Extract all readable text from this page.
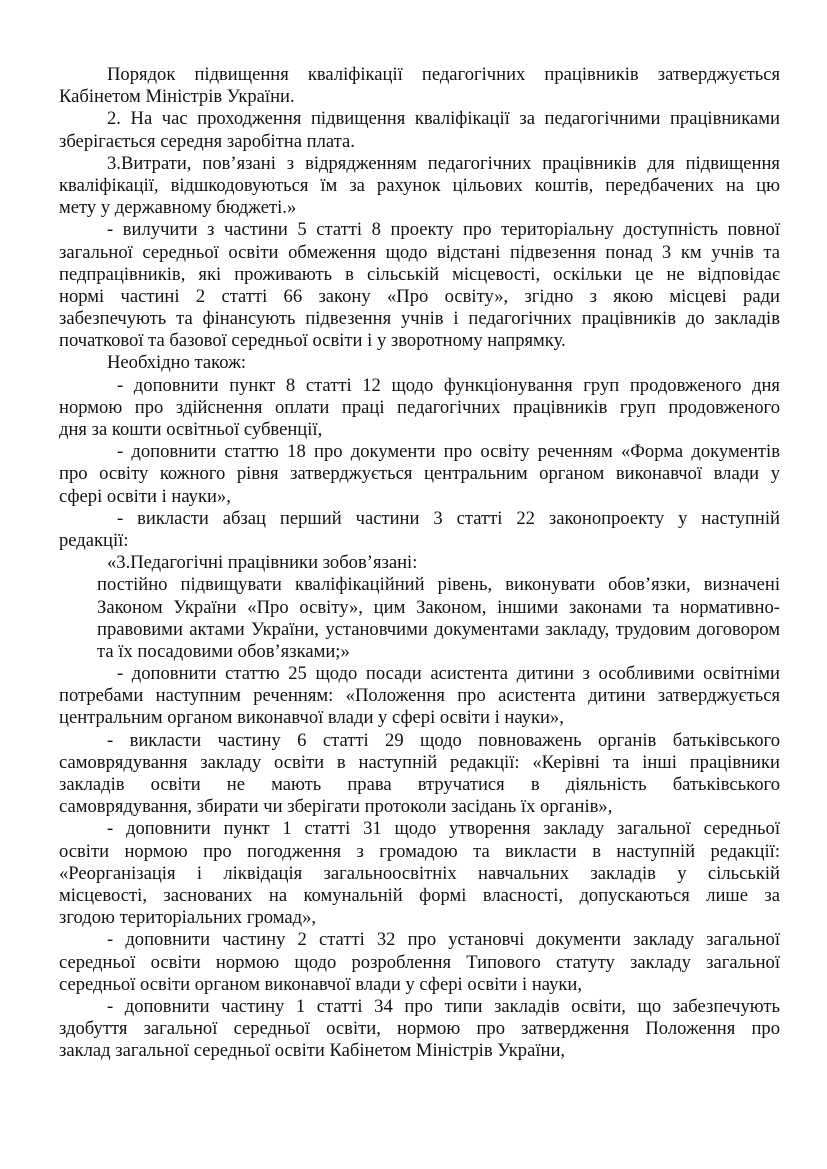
Порядок підвищення кваліфікації педагогічних працівників затверджується
Кабінетом Міністрів України.
2. На час проходження підвищення кваліфікації за педагогічними працівниками
зберігається середня заробітна плата.
3.Витрати, пов’язані з відрядженням педагогічних працівників для підвищення
кваліфікації, відшкодовуються їм за рахунок цільових коштів, передбачених на цю
мету у державному бюджеті.»
- вилучити з частини 5 статті 8 проекту про територіальну доступність повної
загальної середньої освіти обмеження щодо відстані підвезення понад 3 км учнів та
педпрацівників, які проживають в сільській місцевості, оскільки це не відповідає
нормі частині 2 статті 66 закону «Про освіту», згідно з якою місцеві ради
забезпечують та фінансують підвезення учнів і педагогічних працівників до закладів
початкової та базової середньої освіти і у зворотному напрямку.
Необхідно також:
- доповнити пункт 8 статті 12 щодо функціонування груп продовженого дня
нормою про здійснення оплати праці педагогічних працівників груп продовженого
дня за кошти освітньої субвенції,
- доповнити статтю 18 про документи про освіту реченням «Форма документів
про освіту кожного рівня затверджується центральним органом виконавчої влади у
сфері освіти і науки»,
- викласти абзац перший частини 3 статті 22 законопроекту у наступній
редакції:
«3.Педагогічні працівники зобов’язані:
постійно підвищувати кваліфікаційний рівень, виконувати обов’язки, визначені
Законом України «Про освіту», цим Законом, іншими законами та нормативно-
правовими актами України, установчими документами закладу, трудовим договором
та їх посадовими обов’язками;»
- доповнити статтю 25 щодо посади асистента дитини з особливими освітніми
потребами наступним реченням: «Положення про асистента дитини затверджується
центральним органом виконавчої влади у сфері освіти і науки»,
- викласти частину 6 статті 29 щодо повноважень органів батьківського
самоврядування закладу освіти в наступній редакції: «Керівні та інші працівники
закладів освіти не мають права втручатися в діяльність батьківського
самоврядування, збирати чи зберігати протоколи засідань їх органів»,
- доповнити пункт 1 статті 31 щодо утворення закладу загальної середньої
освіти нормою про погодження з громадою та викласти в наступній редакції:
«Реорганізація і ліквідація загальноосвітніх навчальних закладів у сільській
місцевості, заснованих на комунальній формі власності, допускаються лише за
згодою територіальних громад»,
- доповнити частину 2 статті 32 про установчі документи закладу загальної
середньої освіти нормою щодо розроблення Типового статуту закладу загальної
середньої освіти органом виконавчої влади у сфері освіти і науки,
- доповнити частину 1 статті 34 про типи закладів освіти, що забезпечують
здобуття загальної середньої освіти, нормою про затвердження Положення про
заклад загальної середньої освіти Кабінетом Міністрів України,
